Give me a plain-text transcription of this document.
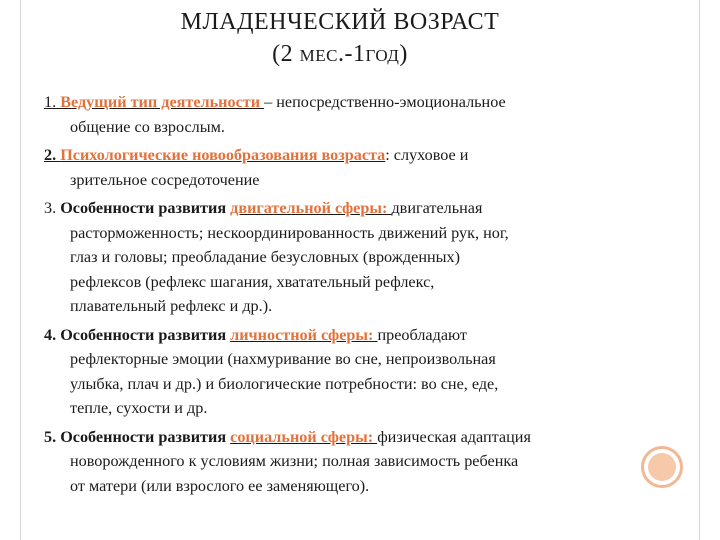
МЛАДЕНЧЕСКИЙ ВОЗРАСТ
(2 МЕС.-1ГОД)
1. Ведущий тип деятельности – непосредственно-эмоциональное
общение со взрослым.
2. Психологические новообразования возраста: слуховое и
зрительное сосредоточение
3. Особенности развития двигательной сферы: двигательная
расторможенность; нескоординированность движений рук, ног,
глаз и головы; преобладание безусловных (врожденных)
рефлексов (рефлекс шагания, хватательный рефлекс,
плавательный рефлекс и др.).
4. Особенности развития личностной сферы: преобладают
рефлекторные эмоции (нахмуривание во сне, непроизвольная
улыбка, плач и др.) и биологические потребности: во сне, еде,
тепле, сухости и др.
5. Особенности развития социальной сферы: физическая адаптация
новорожденного к условиям жизни; полная зависимость ребенка
от матери (или взрослого ее заменяющего).
